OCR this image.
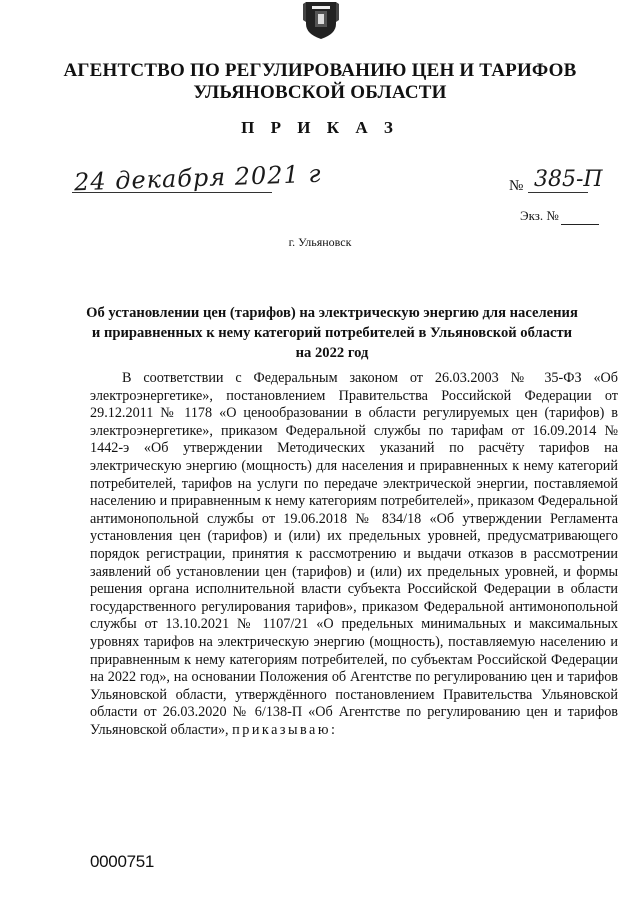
АГЕНТСТВО ПО РЕГУЛИРОВАНИЮ ЦЕН И ТАРИФОВ
УЛЬЯНОВСКОЙ ОБЛАСТИ
П Р И К А З
24 декабря 2021 г	№ 385-П
Экз. №
г. Ульяновск
Об установлении цен (тарифов) на электрическую энергию для населения
и приравненных к нему категорий потребителей в Ульяновской области
на 2022 год
В соответствии с Федеральным законом от 26.03.2003 № 35-ФЗ «Об электроэнергетике», постановлением Правительства Российской Федерации от 29.12.2011 № 1178 «О ценообразовании в области регулируемых цен (тарифов) в электроэнергетике», приказом Федеральной службы по тарифам от 16.09.2014 № 1442-э «Об утверждении Методических указаний по расчёту тарифов на электрическую энергию (мощность) для населения и приравненных к нему категорий потребителей, тарифов на услуги по передаче электрической энергии, поставляемой населению и приравненным к нему категориям потребителей», приказом Федеральной антимонопольной службы от 19.06.2018 № 834/18 «Об утверждении Регламента установления цен (тарифов) и (или) их предельных уровней, предусматривающего порядок регистрации, принятия к рассмотрению и выдачи отказов в рассмотрении заявлений об установлении цен (тарифов) и (или) их предельных уровней, и формы решения органа исполнительной власти субъекта Российской Федерации в области государственного регулирования тарифов», приказом Федеральной антимонопольной службы от 13.10.2021 № 1107/21 «О предельных минимальных и максимальных уровнях тарифов на электрическую энергию (мощность), поставляемую населению и приравненным к нему категориям потребителей, по субъектам Российской Федерации на 2022 год», на основании Положения об Агентстве по регулированию цен и тарифов Ульяновской области, утверждённого постановлением Правительства Ульяновской области от 26.03.2020 № 6/138-П «Об Агентстве по регулированию цен и тарифов Ульяновской области», приказываю:
0000751
